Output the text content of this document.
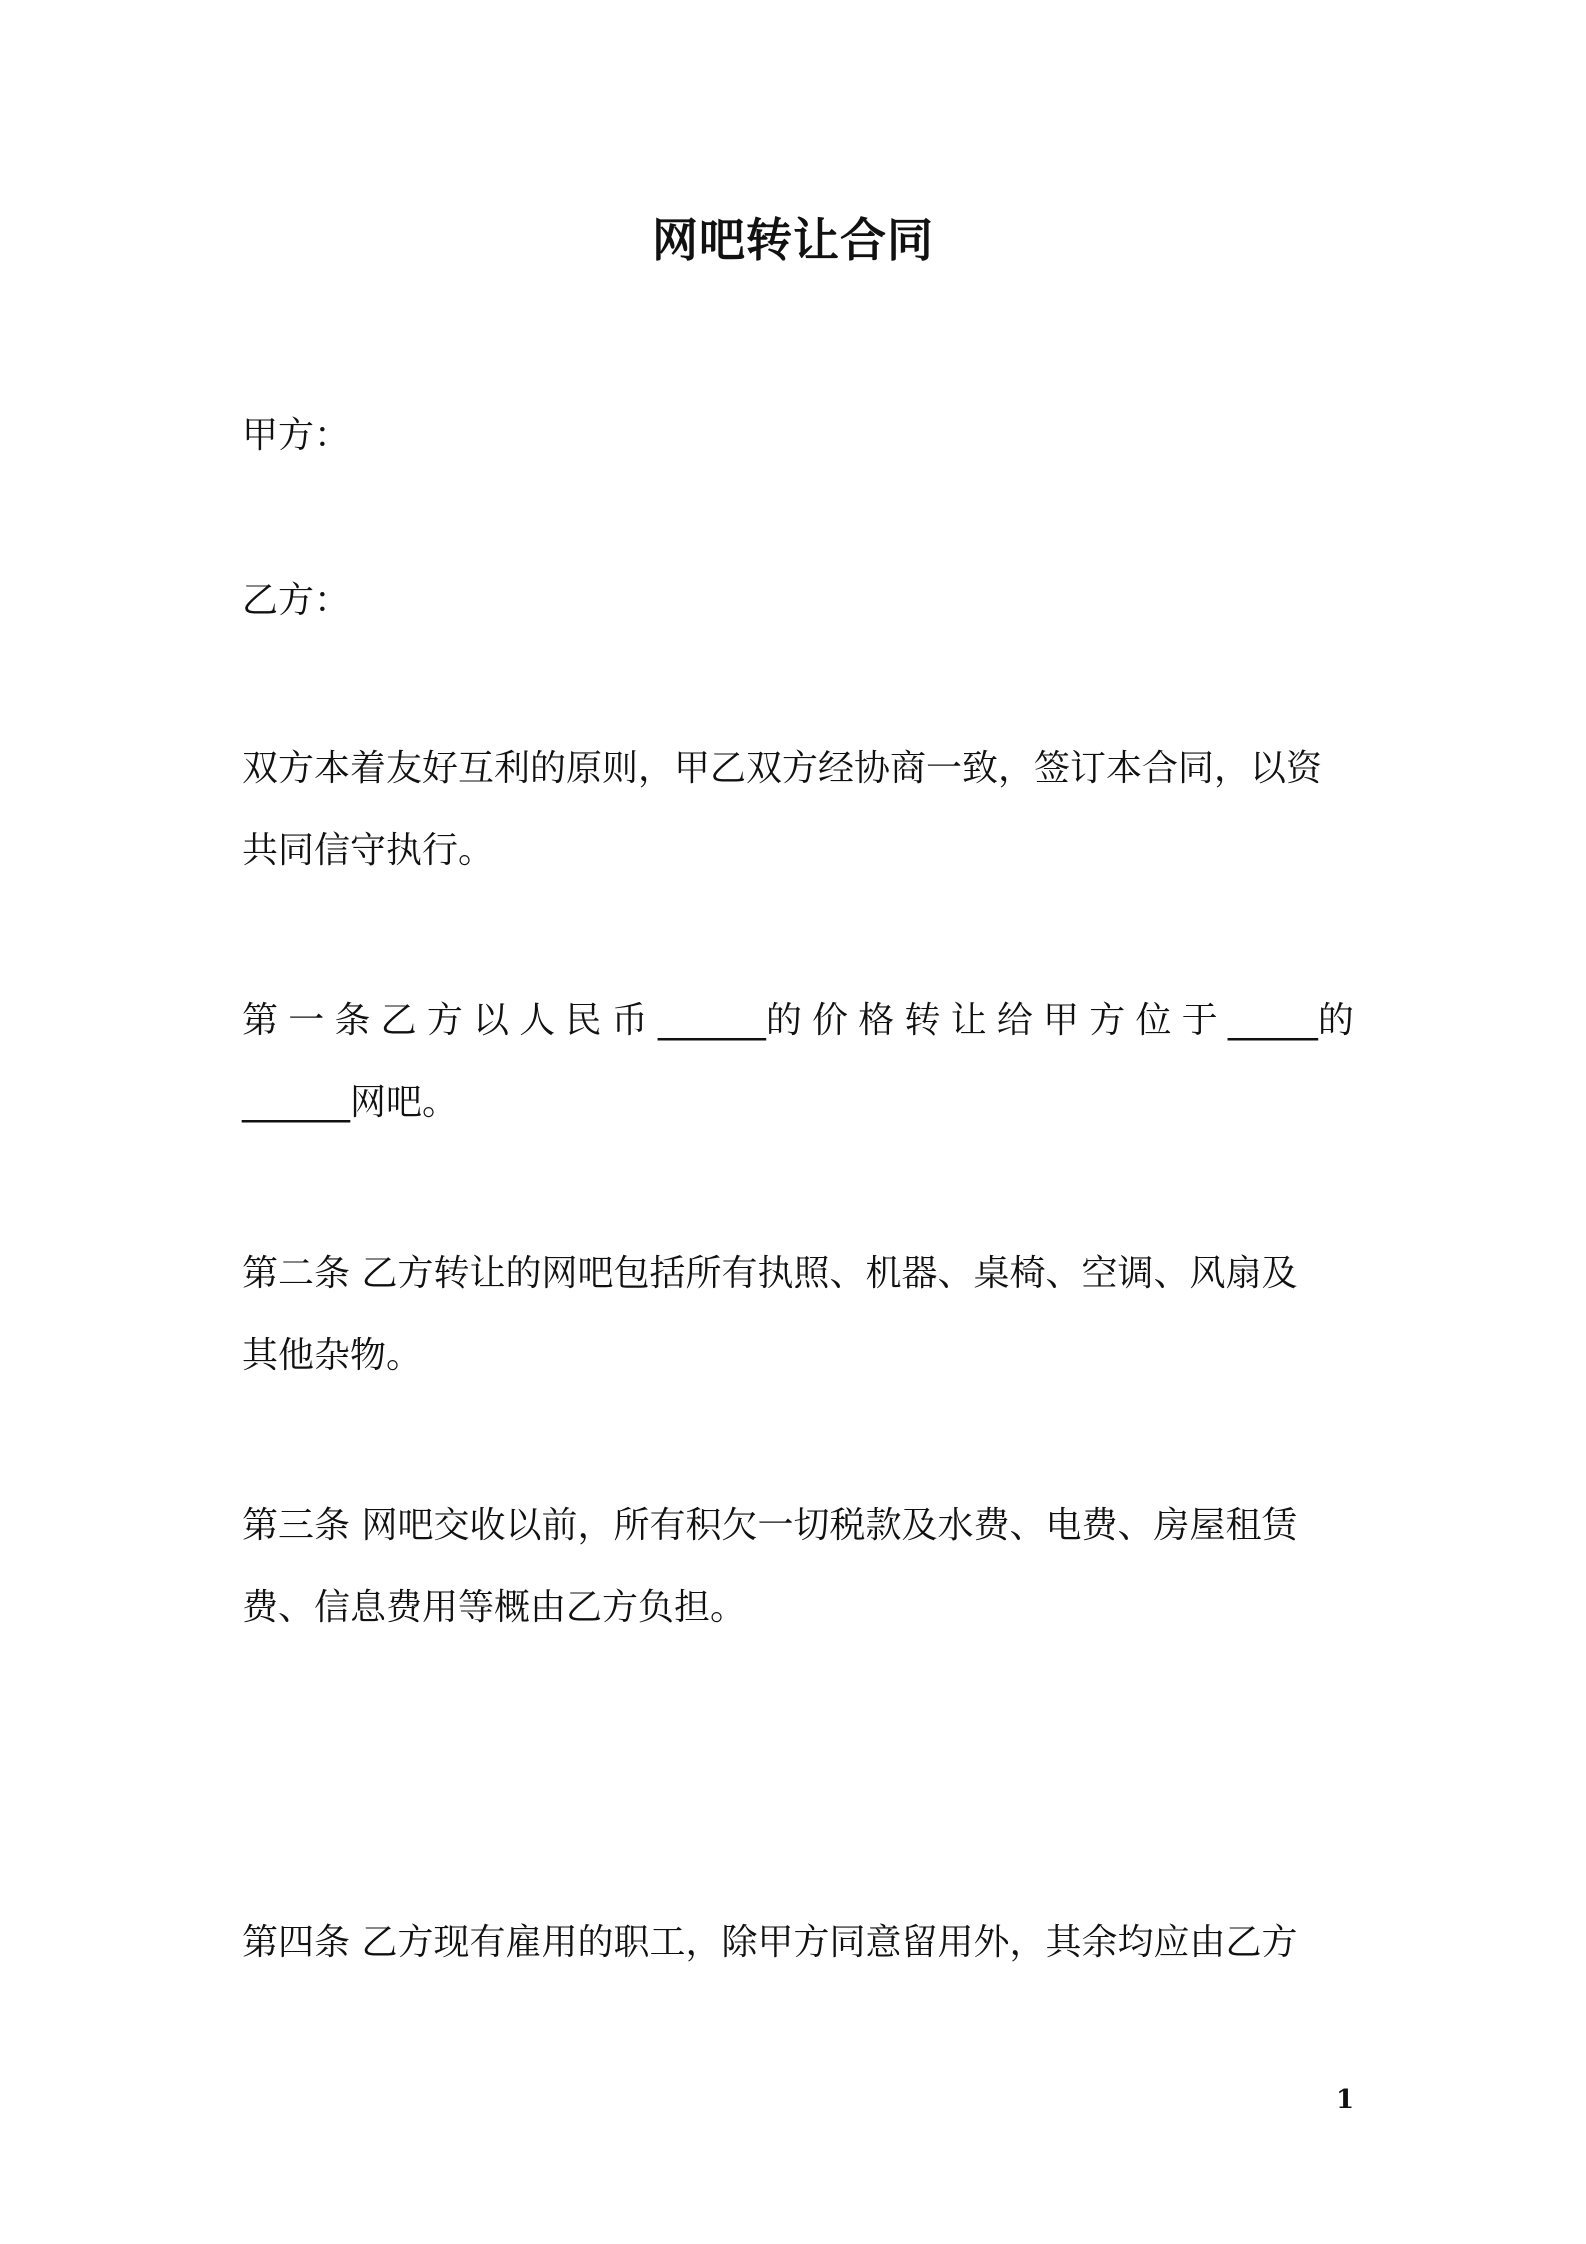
网吧转让合同

甲方：

乙方：

双方本着友好互利的原则，甲乙双方经协商一致，签订本合同，以资
共同信守执行。
第 一 条 乙 方 以 人 民 币 ______的 价 格 转 让 给 甲 方 位 于 _____的
______网吧。
第二条 乙方转让的网吧包括所有执照、机器、桌椅、空调、风扇及
其他杂物。
第三条 网吧交收以前，所有积欠一切税款及水费、电费、房屋租赁
费、信息费用等概由乙方负担。
第四条 乙方现有雇用的职工，除甲方同意留用外，其余均应由乙方
1
